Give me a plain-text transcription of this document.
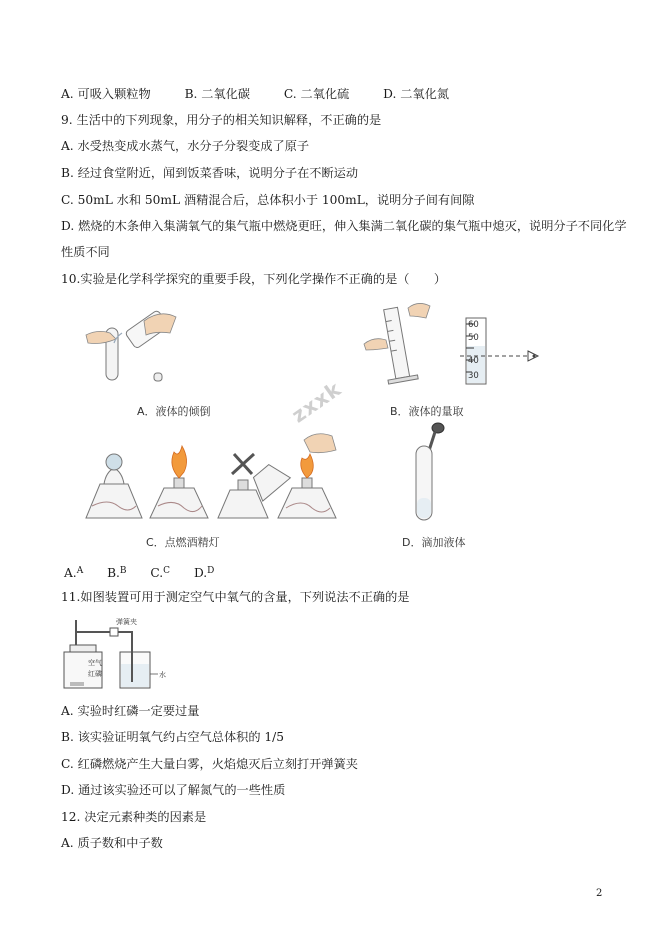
A. 可吸入颗粒物	B. 二氧化碳	C. 二氧化硫	D. 二氧化氮
9. 生活中的下列现象，用分子的相关知识解释，不正确的是
A. 水受热变成水蒸气，水分子分裂变成了原子
B. 经过食堂附近，闻到饭菜香味，说明分子在不断运动
C. 50mL 水和 50mL 酒精混合后，总体积小于 100mL，说明分子间有间隙
D. 燃烧的木条伸入集满氧气的集气瓶中燃烧更旺，伸入集满二氧化碳的集气瓶中熄灭，说明分子不同化学
性质不同
10.实验是化学科学探究的重要手段，下列化学操作不正确的是（　　）
A．液体的倾倒
60
50
40
30
B．液体的量取
zxxk
C．点燃酒精灯	D．滴加液体
A.$^A$ B.$^B$ C.$^C$ D.$^D$
11.如图装置可用于测定空气中氧气的含量，下列说法不正确的是
弹簧夹
空气
红磷	水
A. 实验时红磷一定要过量
B. 该实验证明氧气约占空气总体积的 1/5
C. 红磷燃烧产生大量白雾，火焰熄灭后立刻打开弹簧夹
D. 通过该实验还可以了解氮气的一些性质
12. 决定元素种类的因素是
A. 质子数和中子数
2
